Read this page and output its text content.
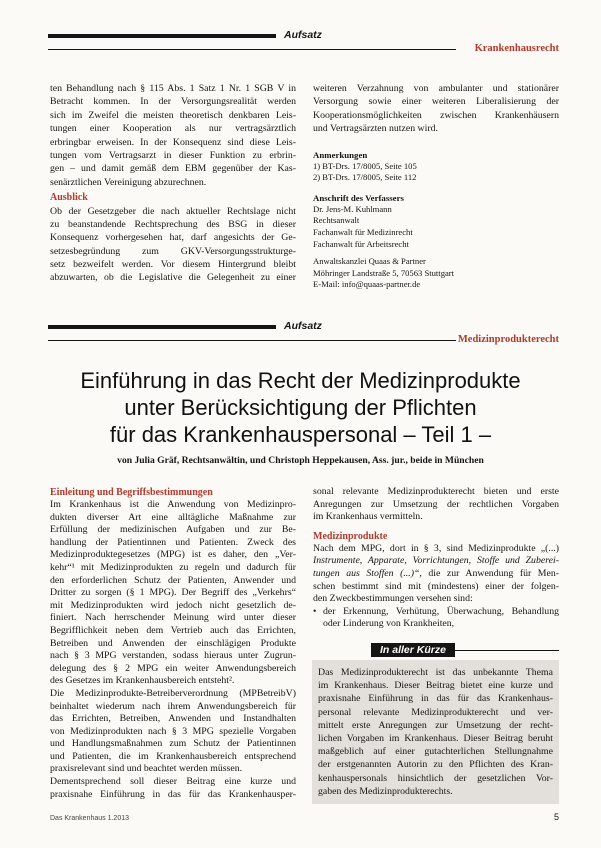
Aufsatz
Krankenhausrecht
ten Behandlung nach § 115 Abs. 1 Satz 1 Nr. 1 SGB V in
Betracht kommen. In der Versorgungsrealität werden
sich im Zweifel die meisten theoretisch denkbaren Leis-
tungen einer Kooperation als nur vertragsärztlich
erbringbar erweisen. In der Konsequenz sind diese Leis-
tungen vom Vertragsarzt in dieser Funktion zu erbrin-
gen – und damit gemäß dem EBM gegenüber der Kas-
senärztlichen Vereinigung abzurechnen.
Ausblick
Ob der Gesetzgeber die nach aktueller Rechtslage nicht
zu beanstandende Rechtsprechung des BSG in dieser
Konsequenz vorhergesehen hat, darf angesichts der Ge-
setzesbegründung zum GKV-Versorgungsstrukturge-
setz bezweifelt werden. Vor diesem Hintergrund bleibt
abzuwarten, ob die Legislative die Gelegenheit zu einer
weiteren Verzahnung von ambulanter und stationärer
Versorgung sowie einer weiteren Liberalisierung der
Kooperationsmöglichkeiten zwischen Krankenhäusern
und Vertragsärzten nutzen wird.
Anmerkungen
1) BT-Drs. 17/8005, Seite 105
2) BT-Drs. 17/8005, Seite 112
Anschrift des Verfassers
Dr. Jens-M. Kuhlmann
Rechtsanwalt
Fachanwalt für Medizinrecht
Fachanwalt für Arbeitsrecht
Anwaltskanzlei Quaas & Partner
Möhringer Landstraße 5, 70563 Stuttgart
E-Mail: info@quaas-partner.de
Aufsatz
Medizinprodukterecht
Einführung in das Recht der Medizinprodukte
unter Berücksichtigung der Pflichten
für das Krankenhauspersonal – Teil 1 –
von Julia Gräf, Rechtsanwältin, und Christoph Heppekausen, Ass. jur., beide in München
Einleitung und Begriffsbestimmungen
Im Krankenhaus ist die Anwendung von Medizinpro-
dukten diverser Art eine alltägliche Maßnahme zur
Erfüllung der medizinischen Aufgaben und zur Be-
handlung der Patientinnen und Patienten. Zweck des
Medizinproduktegesetzes (MPG) ist es daher, den „Ver-
kehr“¹ mit Medizinprodukten zu regeln und dadurch für
den erforderlichen Schutz der Patienten, Anwender und
Dritter zu sorgen (§ 1 MPG). Der Begriff des „Verkehrs“
mit Medizinprodukten wird jedoch nicht gesetzlich de-
finiert. Nach herrschender Meinung wird unter dieser
Begrifflichkeit neben dem Vertrieb auch das Errichten,
Betreiben und Anwenden der einschlägigen Produkte
nach § 3 MPG verstanden, sodass hieraus unter Zugrun-
delegung des § 2 MPG ein weiter Anwendungsbereich
des Gesetzes im Krankenhausbereich entsteht².
Die Medizinprodukte-Betreiberverordnung (MPBetreibV)
beinhaltet wiederum nach ihrem Anwendungsbereich für
das Errichten, Betreiben, Anwenden und Instandhalten
von Medizinprodukten nach § 3 MPG spezielle Vorgaben
und Handlungsmaßnahmen zum Schutz der Patientinnen
und Patienten, die im Krankenhausbereich entsprechend
praxisrelevant sind und beachtet werden müssen.
Dementsprechend soll dieser Beitrag eine kurze und
praxisnahe Einführung in das für das Krankenhausper-
sonal relevante Medizinprodukterecht bieten und erste
Anregungen zur Umsetzung der rechtlichen Vorgaben
im Krankenhaus vermitteln.
Medizinprodukte
Nach dem MPG, dort in § 3, sind Medizinprodukte „(...)
Instrumente, Apparate, Vorrichtungen, Stoffe und Zuberei-
tungen aus Stoffen (...)“, die zur Anwendung für Men-
schen bestimmt sind mit (mindestens) einer der folgen-
den Zweckbestimmungen versehen sind:
•
der Erkennung, Verhütung, Überwachung, Behandlung
oder Linderung von Krankheiten,
In aller Kürze
Das Medizinprodukterecht ist das unbekannte Thema
im Krankenhaus. Dieser Beitrag bietet eine kurze und
praxisnahe Einführung in das für das Krankenhaus-
personal relevante Medizinprodukterecht und ver-
mittelt erste Anregungen zur Umsetzung der recht-
lichen Vorgaben im Krankenhaus. Dieser Beitrag beruht
maßgeblich auf einer gutachterlichen Stellungnahme
der erstgenannten Autorin zu den Pflichten des Kran-
kenhauspersonals hinsichtlich der gesetzlichen Vor-
gaben des Medizinprodukterechts.
Das Krankenhaus 1.2013	5
